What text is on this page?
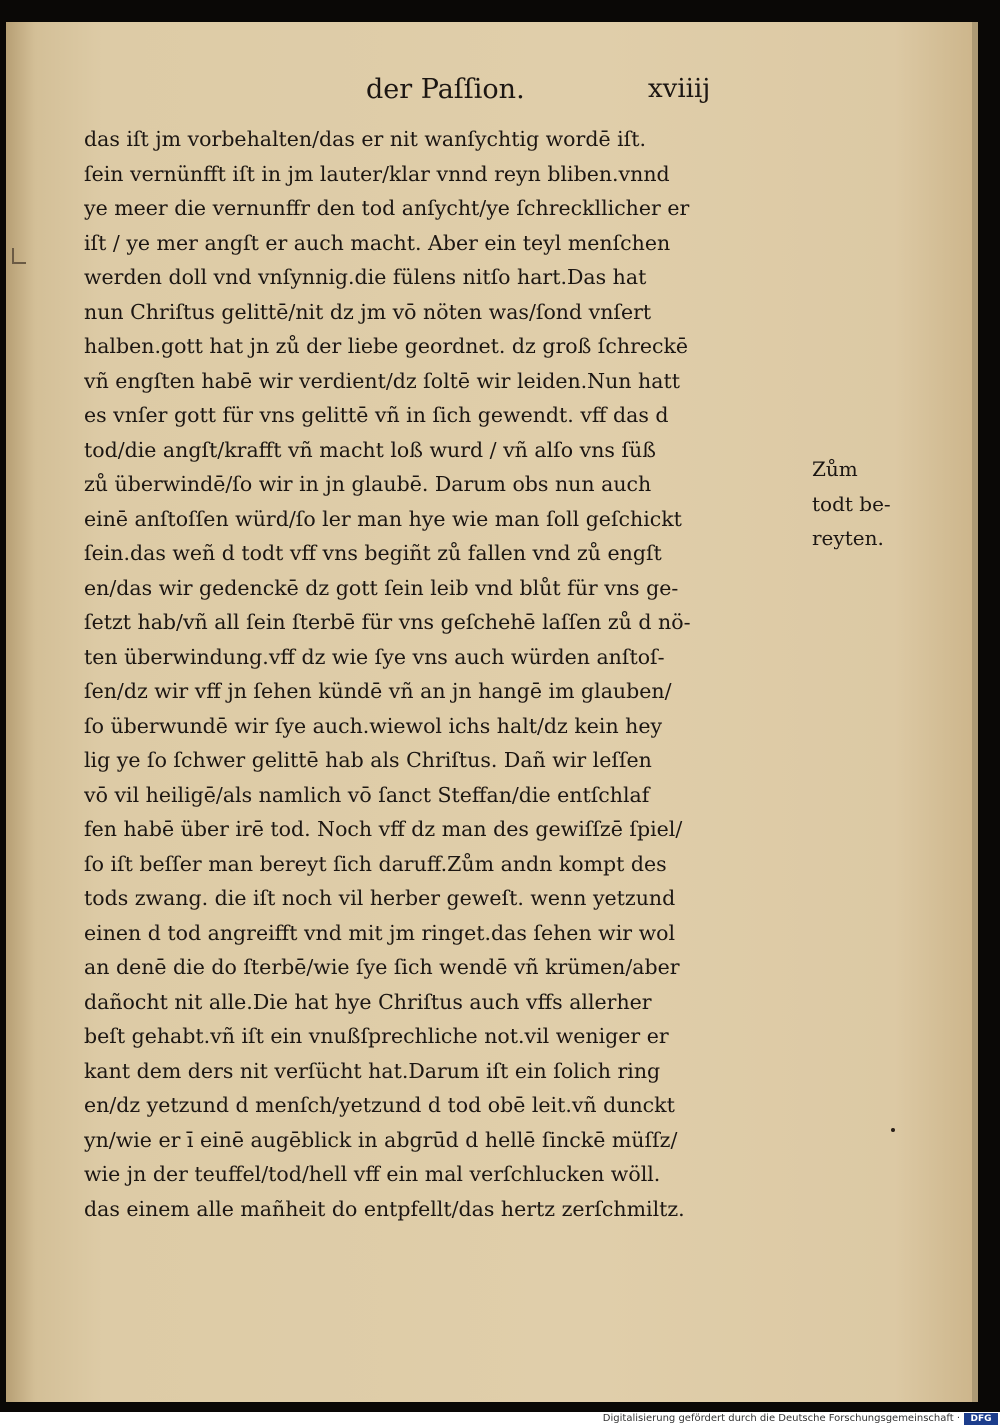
der Paſſion.	xviiij
das iſt jm vorbehalten/das er nit wanſychtig wordē iſt.
ſein vernünfft iſt in jm lauter/klar vnnd reyn bliben.vnnd
ye meer die vernunffr den tod anſycht/ye ſchreckllicher er
iſt / ye mer angſt er auch macht. Aber ein teyl menſchen
werden doll vnd vnſynnig.die fülens nitſo hart.Das hat
nun Chriſtus gelittē/nit dz jm vō nöten was/ſond vnſert
halben.gott hat jn zů der liebe geordnet. dz groß ſchreckē
vñ engſten habē wir verdient/dz ſoltē wir leiden.Nun hatt
es vnſer gott für vns gelittē vñ in ſich gewendt. vff das d
tod/die angſt/krafft vñ macht loß wurd / vñ alſo vns ſüß
zů überwindē/ſo wir in jn glaubē. Darum obs nun auch
einē anſtoſſen würd/ſo ler man hye wie man ſoll geſchickt
ſein.das weñ d todt vff vns begiñt zů fallen vnd zů engſt
en/das wir gedenckē dz gott ſein leib vnd blůt für vns ge-
ſetzt hab/vñ all ſein ſterbē für vns geſchehē laſſen zů d nö-
ten überwindung.vff dz wie ſye vns auch würden anſtoſ-
ſen/dz wir vff jn ſehen kündē vñ an jn hangē im glauben/
ſo überwundē wir ſye auch.wiewol ichs halt/dz kein hey
lig ye ſo ſchwer gelittē hab als Chriſtus. Dañ wir leſſen
vō vil heiligē/als namlich vō ſanct Steffan/die entſchlaf
fen habē über irē tod. Noch vff dz man des gewiſſzē ſpiel/
ſo iſt beſſer man bereyt ſich daruff.Zům andn kompt des
tods zwang. die iſt noch vil herber geweſt. wenn yetzund
einen d tod angreifft vnd mit jm ringet.das ſehen wir wol
an denē die do ſterbē/wie ſye ſich wendē vñ krümen/aber
dañocht nit alle.Die hat hye Chriſtus auch vffs allerher
beſt gehabt.vñ iſt ein vnußſprechliche not.vil weniger er
kant dem ders nit verſücht hat.Darum iſt ein ſolich ring
en/dz yetzund d menſch/yetzund d tod obē leit.vñ dunckt
yn/wie er ī einē augēblick in abgrūd d hellē ſinckē müſſz/
wie jn der teuffel/tod/hell vff ein mal verſchlucken wöll.
das einem alle mañheit do entpfellt/das hertz zerſchmiltz.
Zům
todt be-
reyten.
Digitalisierung gefördert durch die Deutsche Forschungsgemeinschaft ·	DFG
